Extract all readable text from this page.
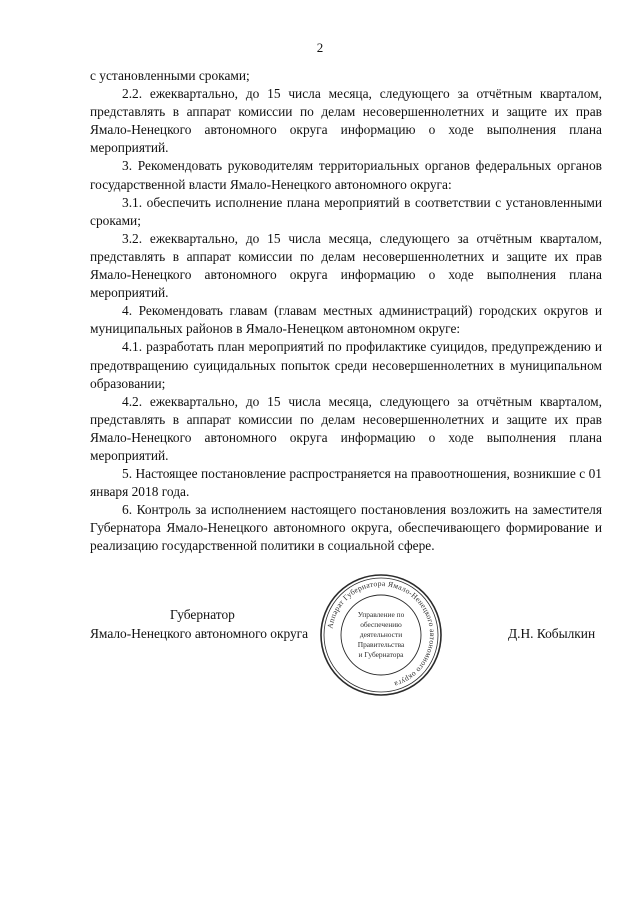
2

с установленными сроками;

2.2. ежеквартально, до 15 числа месяца, следующего за отчётным кварталом, представлять в аппарат комиссии по делам несовершеннолетних и защите их прав Ямало-Ненецкого автономного округа информацию о ходе выполнения плана мероприятий.

3. Рекомендовать руководителям территориальных органов федеральных органов государственной власти Ямало-Ненецкого автономного округа:

3.1. обеспечить исполнение плана мероприятий в соответствии с установленными сроками;

3.2. ежеквартально, до 15 числа месяца, следующего за отчётным кварталом, представлять в аппарат комиссии по делам несовершеннолетних и защите их прав Ямало-Ненецкого автономного округа информацию о ходе выполнения плана мероприятий.

4. Рекомендовать главам (главам местных администраций) городских округов и муниципальных районов в Ямало-Ненецком автономном округе:

4.1. разработать план мероприятий по профилактике суицидов, предупреждению и предотвращению суицидальных попыток среди несовершеннолетних в муниципальном образовании;

4.2. ежеквартально, до 15 числа месяца, следующего за отчётным кварталом, представлять в аппарат комиссии по делам несовершеннолетних и защите их прав Ямало-Ненецкого автономного округа информацию о ходе выполнения плана мероприятий.

5. Настоящее постановление распространяется на правоотношения, возникшие с 01 января 2018 года.

6. Контроль за исполнением настоящего постановления возложить на заместителя Губернатора Ямало-Ненецкого автономного округа, обеспечивающего формирование и реализацию государственной политики в социальной сфере.

Губернатор
Ямало-Ненецкого автономного округа	Д.Н. Кобылкин
Аппарат Губернатора Ямало-Ненецкого автономного округа
Управление по
обеспечению
деятельности
Правительства
и Губернатора
